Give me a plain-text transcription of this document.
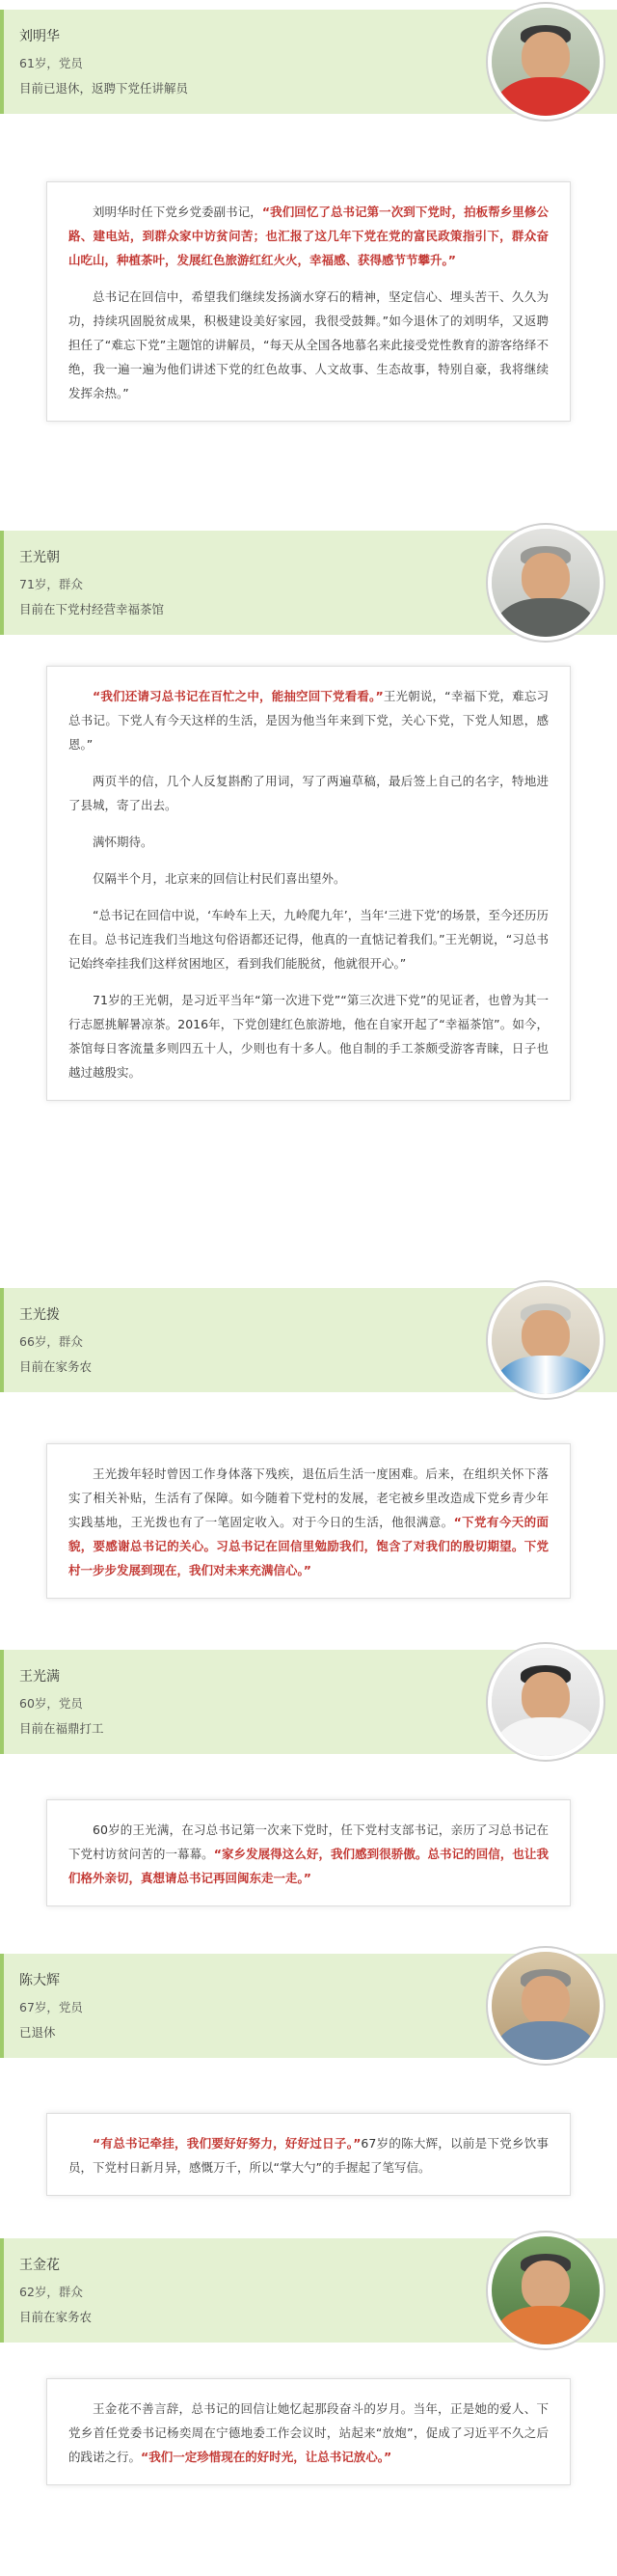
刘明华
61岁，党员
目前已退休，返聘下党任讲解员

刘明华时任下党乡党委副书记，“我们回忆了总书记第一次到下党时，拍板帮乡里修公路、建电站，到群众家中访贫问苦；也汇报了这几年下党在党的富民政策指引下，群众奋山吃山，种植茶叶，发展红色旅游红红火火，幸福感、获得感节节攀升。”

总书记在回信中，希望我们继续发扬滴水穿石的精神，坚定信心、埋头苦干、久久为功，持续巩固脱贫成果，积极建设美好家园，我很受鼓舞。”如今退休了的刘明华，又返聘担任了“难忘下党”主题馆的讲解员，“每天从全国各地慕名来此接受党性教育的游客络绎不绝，我一遍一遍为他们讲述下党的红色故事、人文故事、生态故事，特别自豪，我将继续发挥余热。”

王光朝
71岁，群众
目前在下党村经营幸福茶馆

“我们还请习总书记在百忙之中，能抽空回下党看看。”王光朝说，“幸福下党，难忘习总书记。下党人有今天这样的生活，是因为他当年来到下党，关心下党，下党人知恩，感恩。”

两页半的信，几个人反复斟酌了用词，写了两遍草稿，最后签上自己的名字，特地进了县城，寄了出去。

满怀期待。

仅隔半个月，北京来的回信让村民们喜出望外。

“总书记在回信中说，‘车岭车上天，九岭爬九年’，当年‘三进下党’的场景，至今还历历在目。总书记连我们当地这句俗语都还记得，他真的一直惦记着我们。”王光朝说，“习总书记始终牵挂我们这样贫困地区，看到我们能脱贫，他就很开心。”

71岁的王光朝，是习近平当年“第一次进下党”“第三次进下党”的见证者，也曾为其一行志愿挑解暑凉茶。2016年，下党创建红色旅游地，他在自家开起了“幸福茶馆”。如今，茶馆每日客流量多则四五十人，少则也有十多人。他自制的手工茶颇受游客青睐，日子也越过越殷实。

王光拨
66岁，群众
目前在家务农

王光拨年轻时曾因工作身体落下残疾，退伍后生活一度困难。后来，在组织关怀下落实了相关补贴，生活有了保障。如今随着下党村的发展，老宅被乡里改造成下党乡青少年实践基地，王光拨也有了一笔固定收入。对于今日的生活，他很满意。“下党有今天的面貌，要感谢总书记的关心。习总书记在回信里勉励我们，饱含了对我们的殷切期望。下党村一步步发展到现在，我们对未来充满信心。”

王光满
60岁，党员
目前在福鼎打工

60岁的王光满，在习总书记第一次来下党时，任下党村支部书记，亲历了习总书记在下党村访贫问苦的一幕幕。“家乡发展得这么好，我们感到很骄傲。总书记的回信，也让我们格外亲切，真想请总书记再回闽东走一走。”

陈大辉
67岁，党员
已退休

“有总书记牵挂，我们要好好努力，好好过日子。”67岁的陈大辉，以前是下党乡饮事员，下党村日新月异，感慨万千，所以“掌大勺”的手握起了笔写信。

王金花
62岁，群众
目前在家务农

王金花不善言辞，总书记的回信让她忆起那段奋斗的岁月。当年，正是她的爱人、下党乡首任党委书记杨奕周在宁德地委工作会议时，站起来“放炮”，促成了习近平不久之后的践诺之行。“我们一定珍惜现在的好时光，让总书记放心。”
